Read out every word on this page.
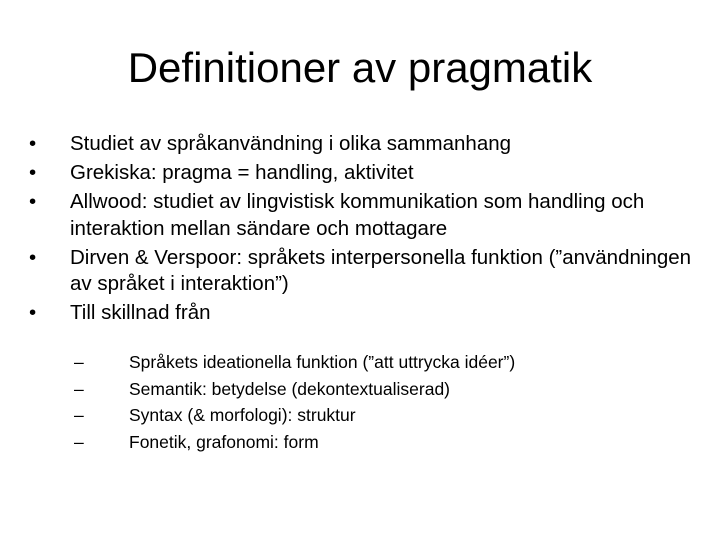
Definitioner av pragmatik
• Studiet av språkanvändning i olika sammanhang
• Grekiska: pragma = handling, aktivitet
• Allwood: studiet av lingvistisk kommunikation som handling och interaktion mellan sändare och mottagare
• Dirven & Verspoor: språkets interpersonella funktion (”användningen av språket i interaktion”)
• Till skillnad från
–	Språkets ideationella funktion (”att uttrycka idéer”)
–	Semantik: betydelse (dekontextualiserad)
–	Syntax (& morfologi): struktur
–	Fonetik, grafonomi: form
